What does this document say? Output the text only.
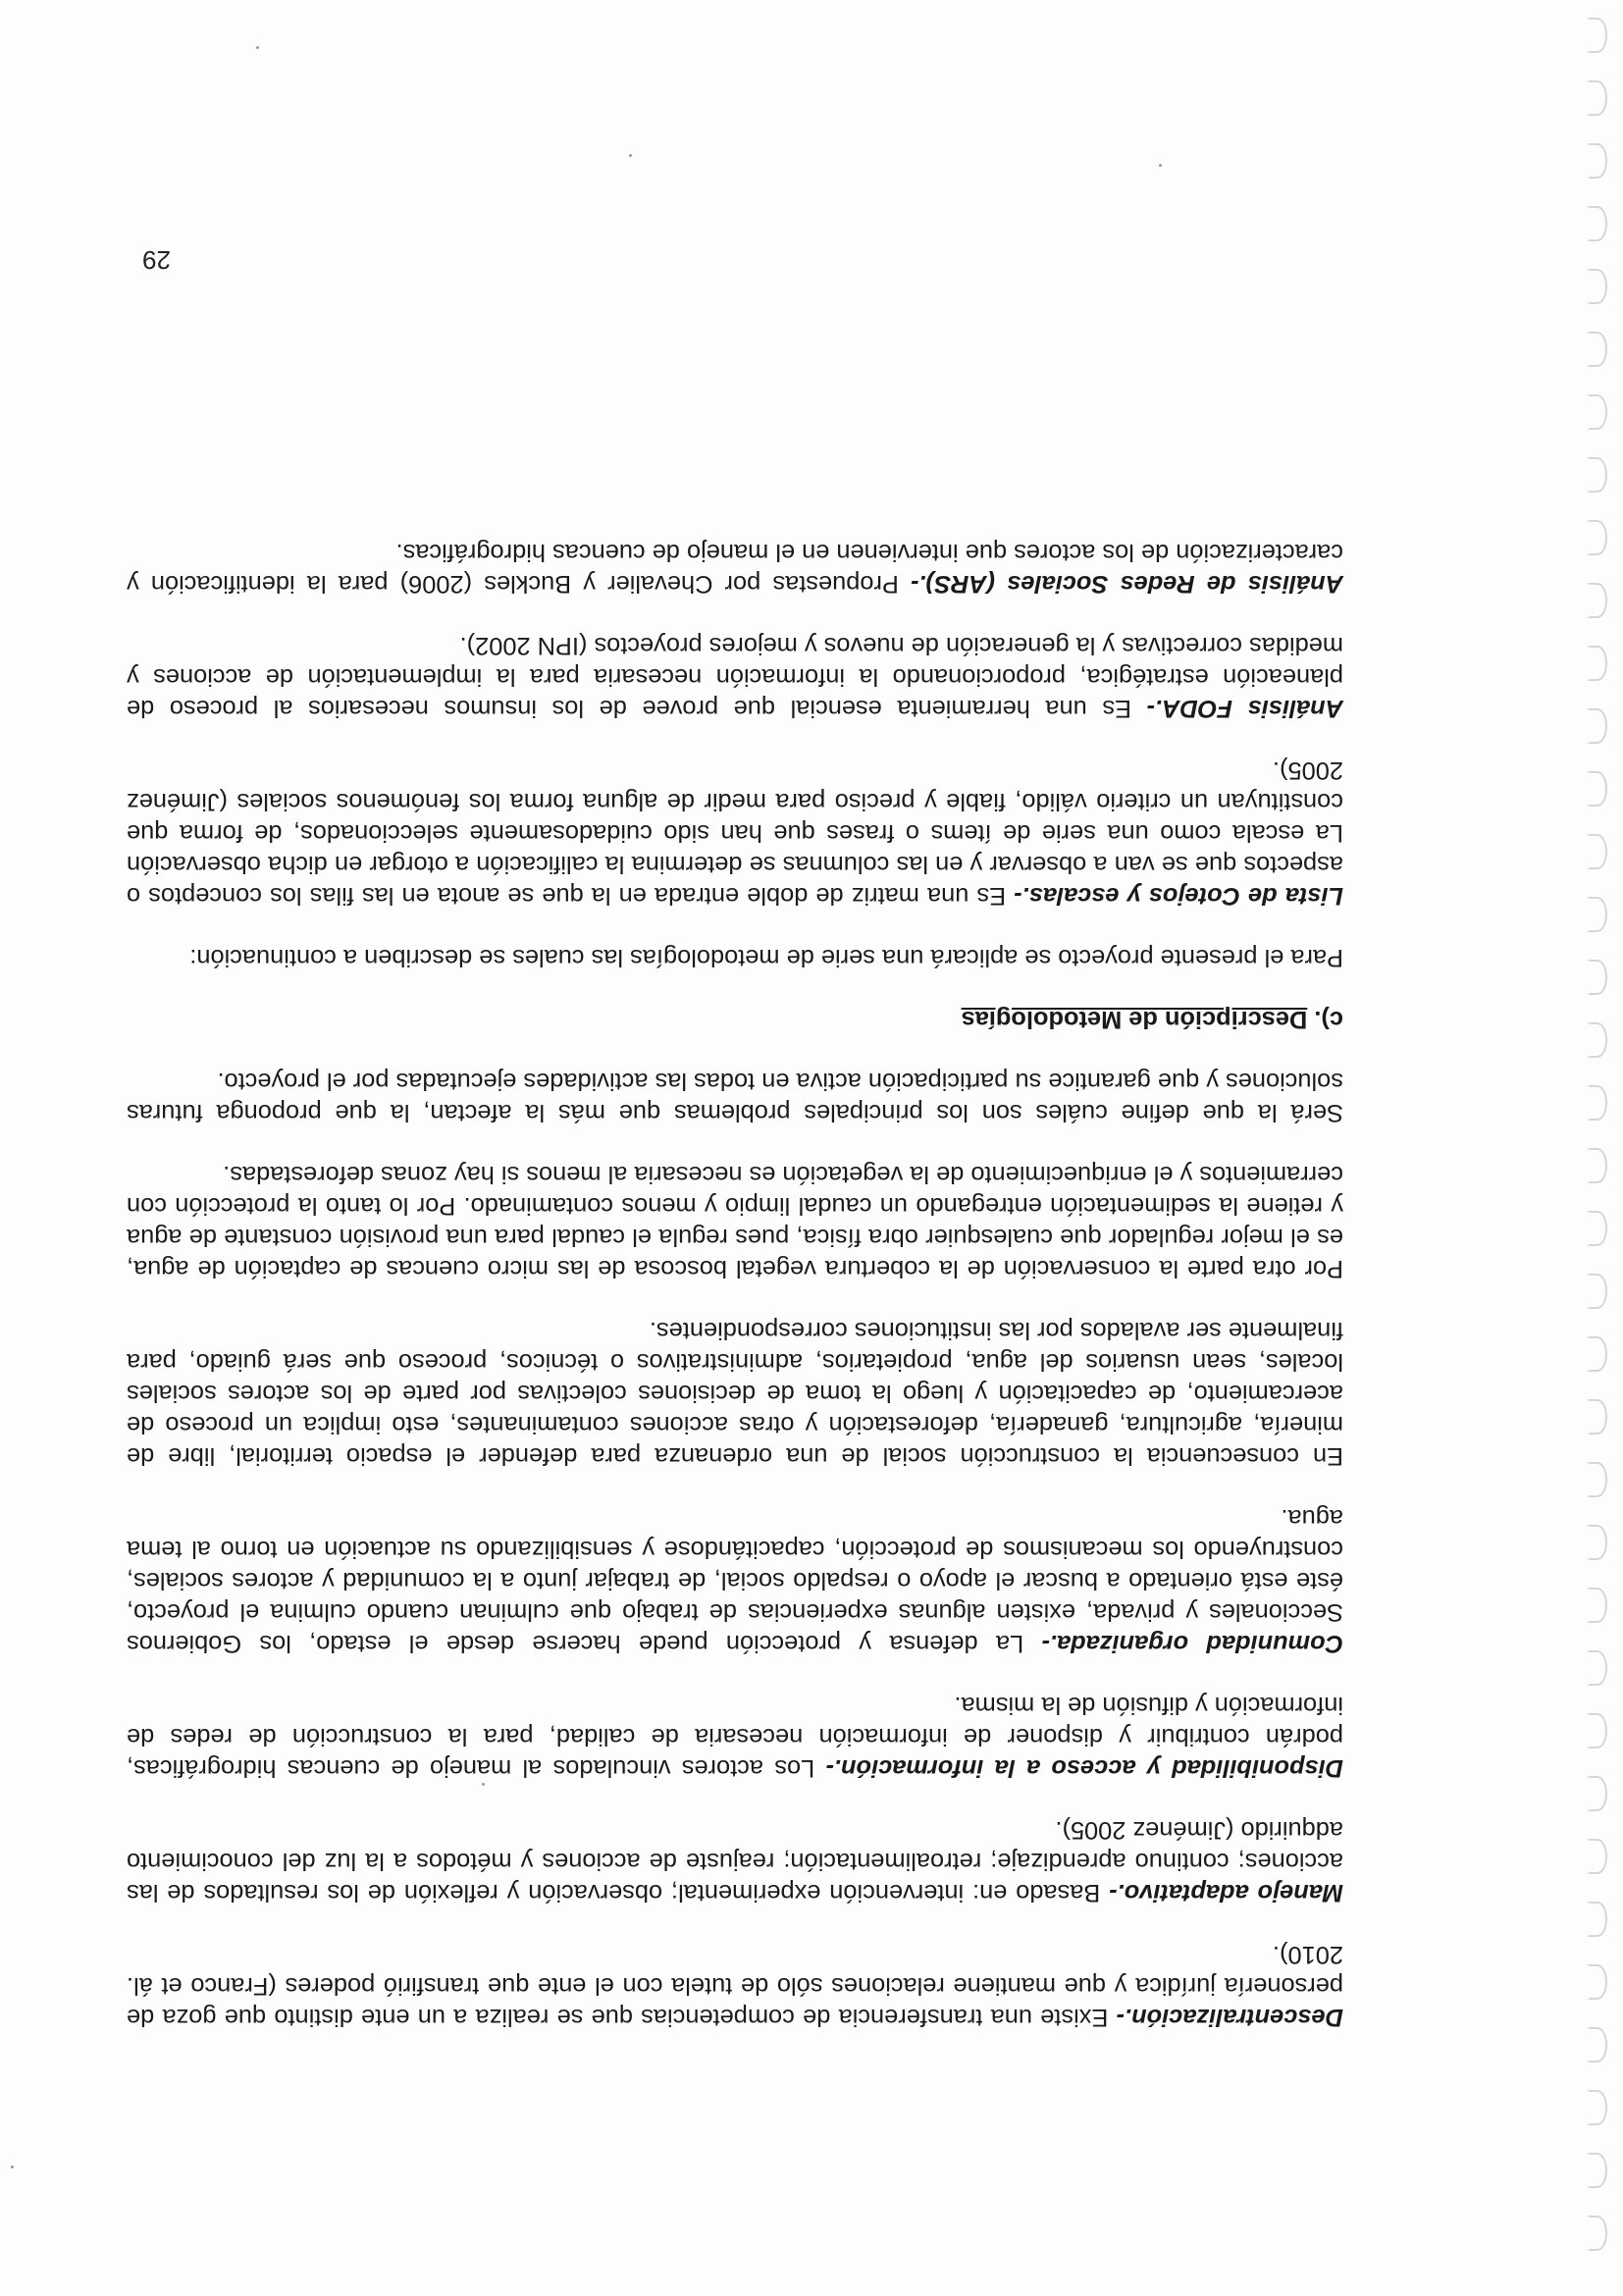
Descentralización.- Existe una transferencia de competencias que se realiza a un ente distinto que goza de personería jurídica y que mantiene relaciones sólo de tutela con el ente que transfirió poderes (Franco et ál. 2010).

Manejo adaptativo.- Basado en: intervención experimental; observación y reflexión de los resultados de las acciones; continuo aprendizaje; retroalimentación; reajuste de acciones y métodos a la luz del conocimiento adquirido (Jiménez 2005).

Disponibilidad y acceso a la información.- Los actores vinculados al manejo de cuencas hidrográficas, podrán contribuir y disponer de información necesaria de calidad, para la construcción de redes de información y difusión de la misma.

Comunidad organizada.- La defensa y protección puede hacerse desde el estado, los Gobiernos Seccionales y privada, existen algunas experiencias de trabajo que culminan cuando culmina el proyecto, éste está orientado a buscar el apoyo o respaldo social, de trabajar junto a la comunidad y actores sociales, construyendo los mecanismos de protección, capacitándose y sensibilizando su actuación en torno al tema agua.

En consecuencia la construcción social de una ordenanza para defender el espacio territorial, libre de minería, agricultura, ganadería, deforestación y otras acciones contaminantes, esto implica un proceso de acercamiento, de capacitación y luego la toma de decisiones colectivas por parte de los actores sociales locales, sean usuarios del agua, propietarios, administrativos o técnicos, proceso que será guiado, para finalmente ser avalados por las instituciones correspondientes.

Por otra parte la conservación de la cobertura vegetal boscosa de las micro cuencas de captación de agua, es el mejor regulador que cualesquier obra física, pues regula el caudal para una provisión constante de agua y retiene la sedimentación entregando un caudal limpio y menos contaminado. Por lo tanto la protección con cerramientos y el enriquecimiento de la vegetación es necesaria al menos si hay zonas deforestadas.

Será la que define cuáles son los principales problemas que más la afectan, la que proponga futuras soluciones y que garantice su participación activa en todas las actividades ejecutadas por el proyecto.

c). Descripción de Metodologías

Para el presente proyecto se aplicará una serie de metodologías las cuales se describen a continuación:

Lista de Cotejos y escalas.- Es una matriz de doble entrada en la que se anota en las filas los conceptos o aspectos que se van a observar y en las columnas se determina la calificación a otorgar en dicha observación La escala como una serie de ítems o frases que han sido cuidadosamente seleccionados, de forma que constituyan un criterio válido, fiable y preciso para medir de alguna forma los fenómenos sociales (Jiménez 2005).

Análisis FODA.- Es una herramienta esencial que provee de los insumos necesarios al proceso de planeación estratégica, proporcionando la información necesaria para la implementación de acciones y medidas correctivas y la generación de nuevos y mejores proyectos (IPN 2002).

Análisis de Redes Sociales (ARS).- Propuestas por Chevalier y Buckles (2006) para la identificación y caracterización de los actores que intervienen en el manejo de cuencas hidrográficas.

29
